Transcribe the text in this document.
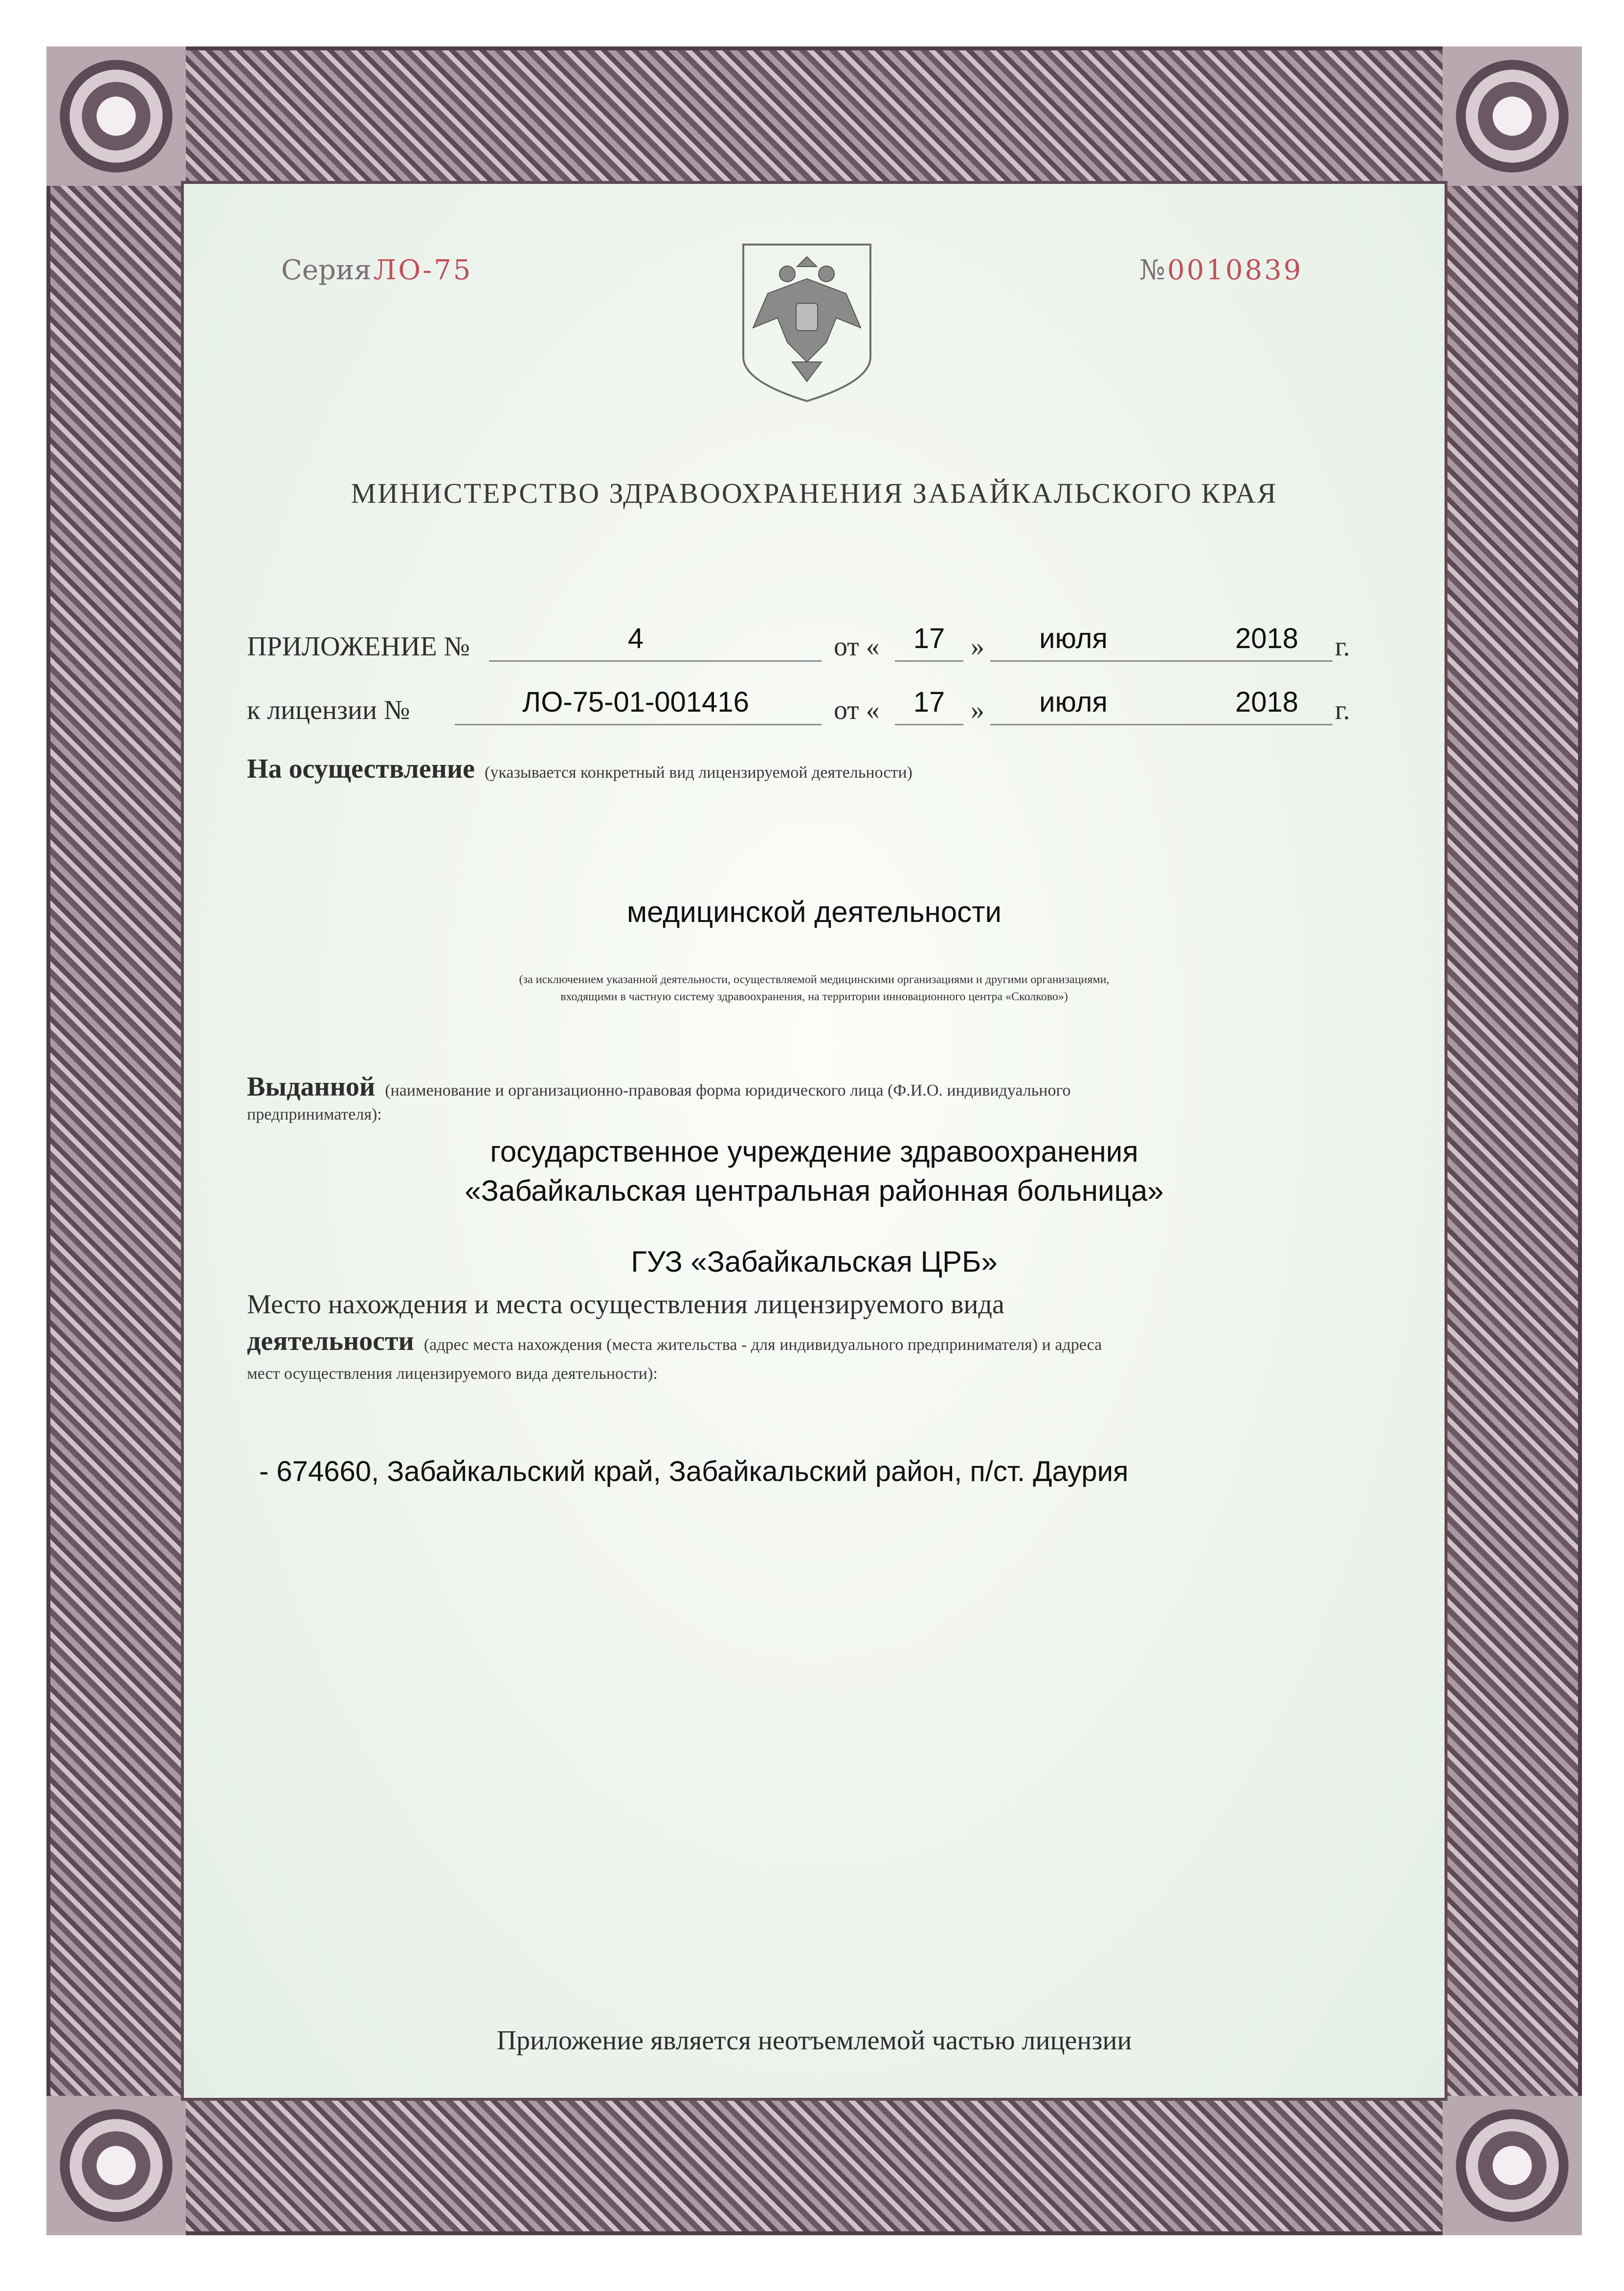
Серия ЛО-75	№ 0010839
МИНИСТЕРСТВО ЗДРАВООХРАНЕНИЯ ЗАБАЙКАЛЬСКОГО КРАЯ
ПРИЛОЖЕНИЕ №	4	от «	17 »	июля	2018 г.
к лицензии №	ЛО-75-01-001416	от «	17 »	июля	2018 г.
На осуществление (указывается конкретный вид лицензируемой деятельности)
медицинской деятельности
(за исключением указанной деятельности, осуществляемой медицинскими организациями и другими организациями,
входящими в частную систему здравоохранения, на территории инновационного центра «Сколково»)
Выданной (наименование и организационно-правовая форма юридического лица (Ф.И.О. индивидуального
предпринимателя):
государственное учреждение здравоохранения
«Забайкальская центральная районная больница»
ГУЗ «Забайкальская ЦРБ»
Место нахождения и места осуществления лицензируемого вида
деятельности (адрес места нахождения (места жительства - для индивидуального предпринимателя) и адреса
мест осуществления лицензируемого вида деятельности):
- 674660, Забайкальский край, Забайкальский район, п/ст. Даурия
Приложение является неотъемлемой частью лицензии
